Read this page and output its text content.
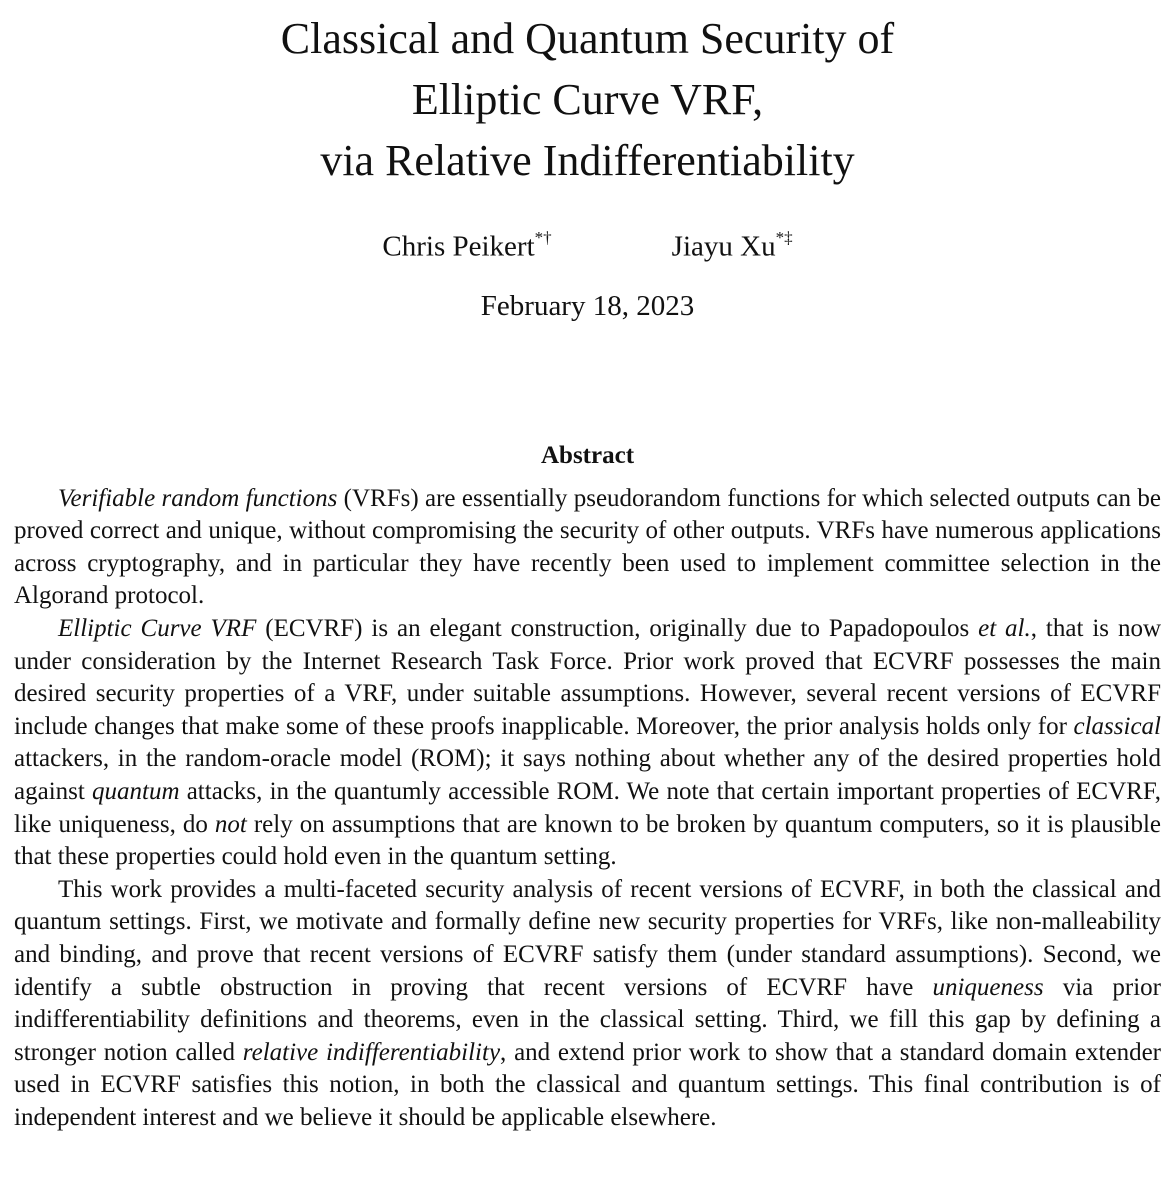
Classical and Quantum Security of
Elliptic Curve VRF,
via Relative Indifferentiability
Chris Peikert*†	Jiayu Xu*‡
February 18, 2023
Abstract

Verifiable random functions (VRFs) are essentially pseudorandom functions for which selected outputs can be proved correct and unique, without compromising the security of other outputs. VRFs have numerous applications across cryptography, and in particular they have recently been used to implement committee selection in the Algorand protocol.

Elliptic Curve VRF (ECVRF) is an elegant construction, originally due to Papadopoulos et al., that is now under consideration by the Internet Research Task Force. Prior work proved that ECVRF possesses the main desired security properties of a VRF, under suitable assumptions. However, several recent versions of ECVRF include changes that make some of these proofs inapplicable. Moreover, the prior analysis holds only for classical attackers, in the random-oracle model (ROM); it says nothing about whether any of the desired properties hold against quantum attacks, in the quantumly accessible ROM. We note that certain important properties of ECVRF, like uniqueness, do not rely on assumptions that are known to be broken by quantum computers, so it is plausible that these properties could hold even in the quantum setting.

This work provides a multi-faceted security analysis of recent versions of ECVRF, in both the classical and quantum settings. First, we motivate and formally define new security properties for VRFs, like non-malleability and binding, and prove that recent versions of ECVRF satisfy them (under standard assumptions). Second, we identify a subtle obstruction in proving that recent versions of ECVRF have uniqueness via prior indifferentiability definitions and theorems, even in the classical setting. Third, we fill this gap by defining a stronger notion called relative indifferentiability, and extend prior work to show that a standard domain extender used in ECVRF satisfies this notion, in both the classical and quantum settings. This final contribution is of independent interest and we believe it should be applicable elsewhere.
